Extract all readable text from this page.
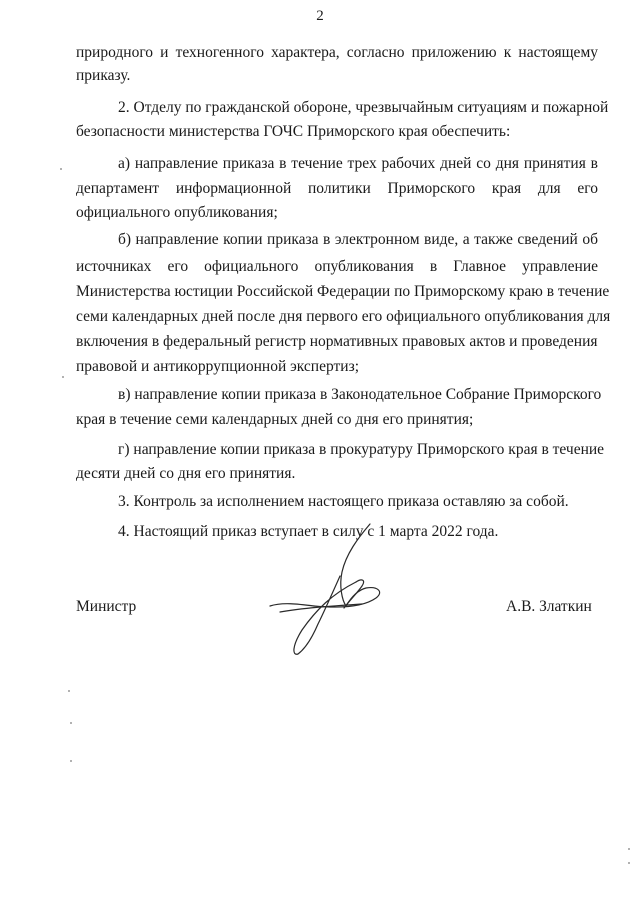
2
природного и техногенного характера, согласно приложению к настоящему
приказу.
2. Отделу по гражданской обороне, чрезвычайным ситуациям и пожарной
безопасности министерства ГОЧС Приморского края обеспечить:
а) направление приказа в течение трех рабочих дней со дня принятия в
департамент информационной политики Приморского края для его
официального опубликования;
б) направление копии приказа в электронном виде, а также сведений об
источниках его официального опубликования в Главное управление
Министерства юстиции Российской Федерации по Приморскому краю в течение
семи календарных дней после дня первого его официального опубликования для
включения в федеральный регистр нормативных правовых актов и проведения
правовой и антикоррупционной экспертиз;
в) направление копии приказа в Законодательное Собрание Приморского
края в течение семи календарных дней со дня его принятия;
г) направление копии приказа в прокуратуру Приморского края в течение
десяти дней со дня его принятия.
3. Контроль за исполнением настоящего приказа оставляю за собой.
4. Настоящий приказ вступает в силу с 1 марта 2022 года.
Министр	А.В. Златкин
